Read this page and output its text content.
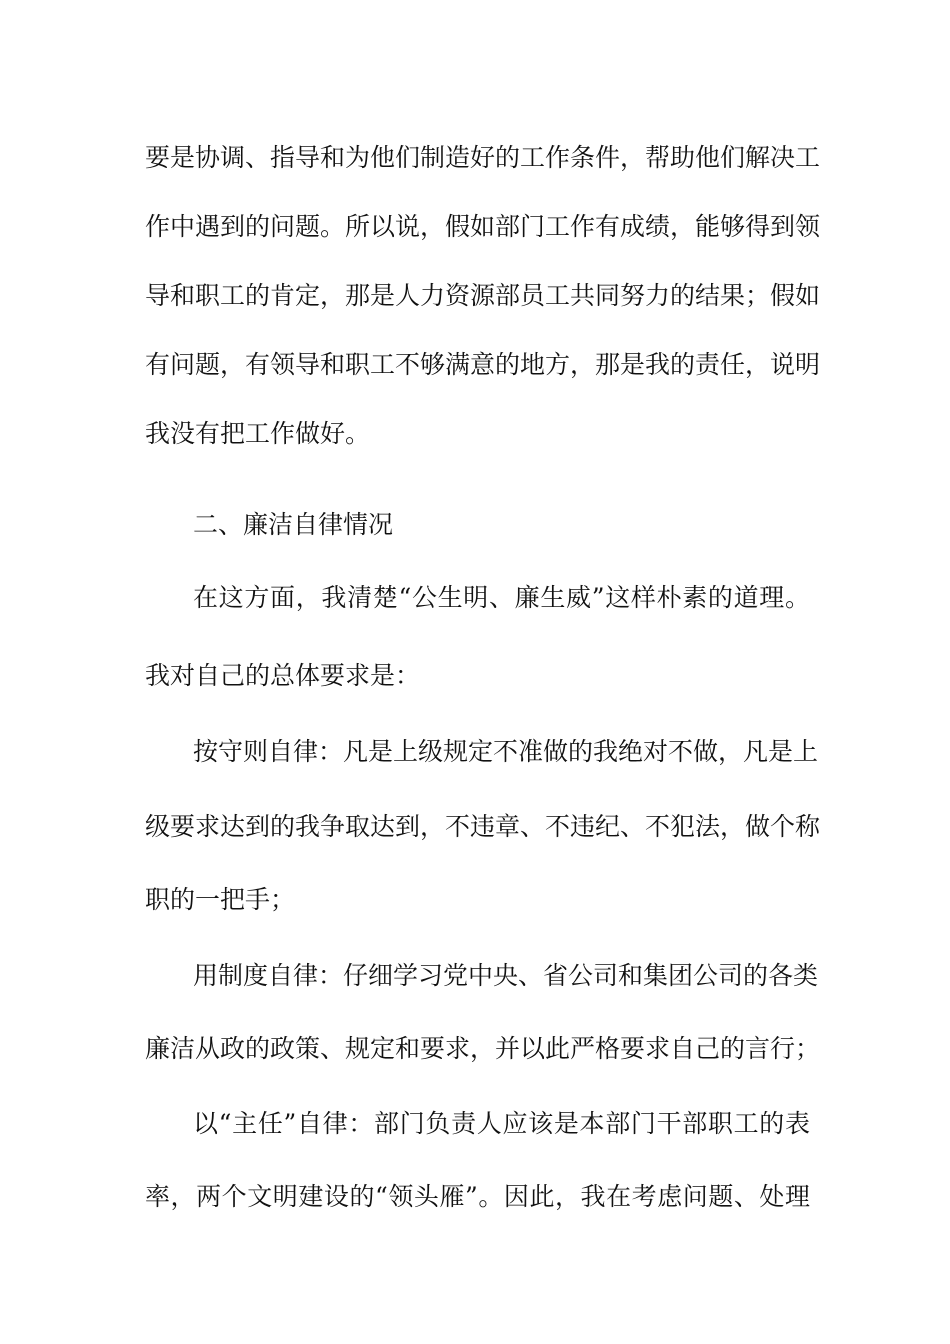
要是协调、指导和为他们制造好的工作条件，帮助他们解决工
作中遇到的问题。所以说，假如部门工作有成绩，能够得到领
导和职工的肯定，那是人力资源部员工共同努力的结果；假如
有问题，有领导和职工不够满意的地方，那是我的责任，说明
我没有把工作做好。
二、廉洁自律情况
在这方面，我清楚“公生明、廉生威”这样朴素的道理。
我对自己的总体要求是：
按守则自律：凡是上级规定不准做的我绝对不做，凡是上
级要求达到的我争取达到，不违章、不违纪、不犯法，做个称
职的一把手；
用制度自律：仔细学习党中央、省公司和集团公司的各类
廉洁从政的政策、规定和要求，并以此严格要求自己的言行；
以“主任”自律：部门负责人应该是本部门干部职工的表
率，两个文明建设的“领头雁”。因此，我在考虑问题、处理
